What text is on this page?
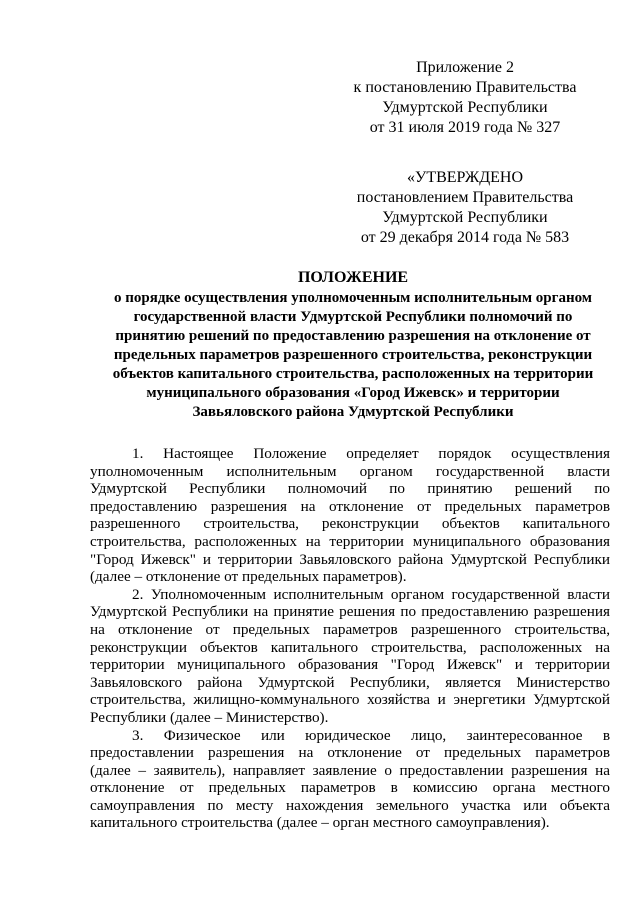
Приложение 2
к постановлению Правительства
Удмуртской Республики
от 31 июля 2019 года № 327
«УТВЕРЖДЕНО
постановлением Правительства
Удмуртской Республики
от 29 декабря 2014 года № 583
ПОЛОЖЕНИЕ
о порядке осуществления уполномоченным исполнительным органом
государственной власти Удмуртской Республики полномочий по
принятию решений по предоставлению разрешения на отклонение от
предельных параметров разрешенного строительства, реконструкции
объектов капитального строительства, расположенных на территории
муниципального образования «Город Ижевск» и территории
Завьяловского района Удмуртской Республики
1. Настоящее Положение определяет порядок осуществления
уполномоченным исполнительным органом государственной власти
Удмуртской Республики полномочий по принятию решений по
предоставлению разрешения на отклонение от предельных параметров
разрешенного строительства, реконструкции объектов капитального
строительства, расположенных на территории муниципального образования
"Город Ижевск" и территории Завьяловского района Удмуртской Республики
(далее – отклонение от предельных параметров).
2. Уполномоченным исполнительным органом государственной власти
Удмуртской Республики на принятие решения по предоставлению разрешения
на отклонение от предельных параметров разрешенного строительства,
реконструкции объектов капитального строительства, расположенных на
территории муниципального образования "Город Ижевск" и территории
Завьяловского района Удмуртской Республики, является Министерство
строительства, жилищно-коммунального хозяйства и энергетики Удмуртской
Республики (далее – Министерство).
3. Физическое или юридическое лицо, заинтересованное в
предоставлении разрешения на отклонение от предельных параметров
(далее – заявитель), направляет заявление о предоставлении разрешения на
отклонение от предельных параметров в комиссию органа местного
самоуправления по месту нахождения земельного участка или объекта
капитального строительства (далее – орган местного самоуправления).
